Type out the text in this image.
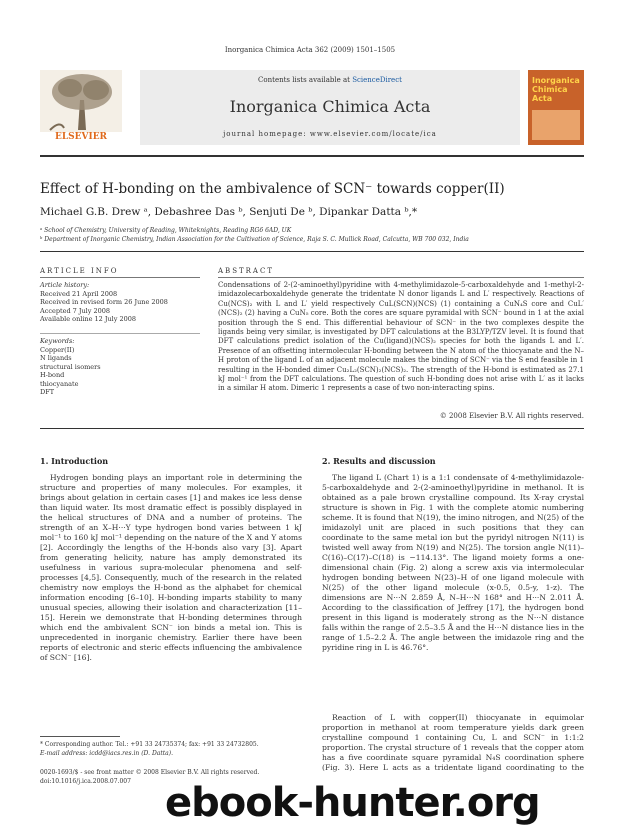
Inorganica Chimica Acta 362 (2009) 1501–1505
ELSEVIER
Contents lists available at ScienceDirect
Inorganica Chimica Acta
journal homepage: www.elsevier.com/locate/ica
Inorganica Chimica Acta
Effect of H-bonding on the ambivalence of SCN⁻ towards copper(II)
Michael G.B. Drew ᵃ, Debashree Das ᵇ, Senjuti De ᵇ, Dipankar Datta ᵇ,*
ᵃ School of Chemistry, University of Reading, Whiteknights, Reading RG6 6AD, UK
ᵇ Department of Inorganic Chemistry, Indian Association for the Cultivation of Science, Raja S. C. Mullick Road, Calcutta, WB 700 032, India
ARTICLE INFO
Article history:
Received 21 April 2008
Received in revised form 26 June 2008
Accepted 7 July 2008
Available online 12 July 2008
Keywords:
Copper(II)
N ligands
structural isomers
H-bond
thiocyanate
DFT
ABSTRACT
Condensations of 2-(2-aminoethyl)pyridine with 4-methylimidazole-5-carboxaldehyde and 1-methyl-2-imidazolecarboxaldehyde generate the tridentate N donor ligands L and L′ respectively. Reactions of Cu(NCS)₂ with L and L′ yield respectively CuL(SCN)(NCS) (1) containing a CuN₄S core and CuL′(NCS)₂ (2) having a CuN₅ core. Both the cores are square pyramidal with SCN⁻ bound in 1 at the axial position through the S end. This differential behaviour of SCN⁻ in the two complexes despite the ligands being very similar, is investigated by DFT calculations at the B3LYP/TZV level. It is found that DFT calculations predict isolation of the Cu(ligand)(NCS)₂ species for both the ligands L and L′. Presence of an offsetting intermolecular H-bonding between the N atom of the thiocyanate and the N–H proton of the ligand L of an adjacent molecule makes the binding of SCN⁻ via the S end feasible in 1 resulting in the H-bonded dimer Cu₂L₂(SCN)₂(NCS)₂. The strength of the H-bond is estimated as 27.1 kJ mol⁻¹ from the DFT calculations. The question of such H-bonding does not arise with L′ as it lacks in a similar H atom. Dimeric 1 represents a case of two non-interacting spins.
© 2008 Elsevier B.V. All rights reserved.
1. Introduction
Hydrogen bonding plays an important role in determining the structure and properties of many molecules. For examples, it brings about gelation in certain cases [1] and makes ice less dense than liquid water. Its most dramatic effect is possibly displayed in the helical structures of DNA and a number of proteins. The strength of an X–H···Y type hydrogen bond varies between 1 kJ mol⁻¹ to 160 kJ mol⁻¹ depending on the nature of the X and Y atoms [2]. Accordingly the lengths of the H-bonds also vary [3]. Apart from generating helicity, nature has amply demonstrated its usefulness in various supra-molecular phenomena and self-processes [4,5]. Consequently, much of the research in the related chemistry now employs the H-bond as the alphabet for chemical information encoding [6–10]. H-bonding imparts stability to many unusual species, allowing their isolation and characterization [11–15]. Herein we demonstrate that H-bonding determines through which end the ambivalent SCN⁻ ion binds a metal ion. This is unprecedented in inorganic chemistry. Earlier there have been reports of electronic and steric effects influencing the ambivalence of SCN⁻ [16].
2. Results and discussion
The ligand L (Chart 1) is a 1:1 condensate of 4-methylimidazole-5-carboxaldehyde and 2-(2-aminoethyl)pyridine in methanol. It is obtained as a pale brown crystalline compound. Its X-ray crystal structure is shown in Fig. 1 with the complete atomic numbering scheme. It is found that N(19), the imino nitrogen, and N(25) of the imidazolyl unit are placed in such positions that they can coordinate to the same metal ion but the pyridyl nitrogen N(11) is twisted well away from N(19) and N(25). The torsion angle N(11)–C(16)–C(17)–C(18) is −114.13°. The ligand moiety forms a one-dimensional chain (Fig. 2) along a screw axis via intermolecular hydrogen bonding between N(23)–H of one ligand molecule with N(25) of the other ligand molecule (x-0.5, 0.5-y, 1-z). The dimensions are N···N 2.859 Å, N–H···N 168° and H···N 2.011 Å. According to the classification of Jeffrey [17], the hydrogen bond present in this ligand is moderately strong as the N···N distance falls within the range of 2.5–3.5 Å and the H···N distance lies in the range of 1.5–2.2 Å. The angle between the imidazole ring and the pyridine ring in L is 46.76°.
Reaction of L with copper(II) thiocyanate in equimolar proportion in methanol at room temperature yields dark green crystalline compound 1 containing Cu, L and SCN⁻ in 1:1:2 proportion. The crystal structure of 1 reveals that the copper atom has a five coordinate square pyramidal N₄S coordination sphere (Fig. 3). Here L acts as a tridentate ligand coordinating to the
* Corresponding author. Tel.: +91 33 24735374; fax: +91 33 24732805.
E-mail address: icdd@iacs.res.in (D. Datta).
0020-1693/$ - see front matter © 2008 Elsevier B.V. All rights reserved.
doi:10.1016/j.ica.2008.07.007 ebook-hunter.org
